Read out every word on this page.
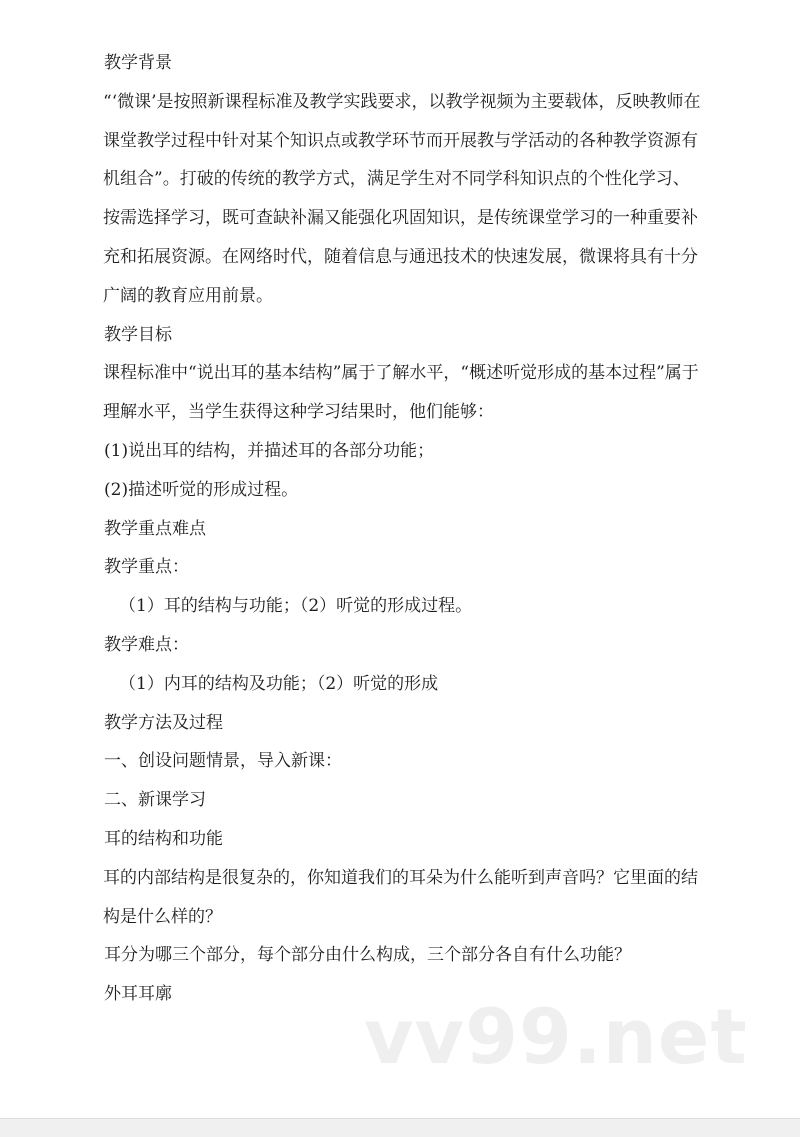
教学背景

“‘微课’是按照新课程标准及教学实践要求，以教学视频为主要载体，反映教师在课堂教学过程中针对某个知识点或教学环节而开展教与学活动的各种教学资源有机组合”。打破的传统的教学方式，满足学生对不同学科知识点的个性化学习、按需选择学习，既可查缺补漏又能强化巩固知识，是传统课堂学习的一种重要补充和拓展资源。在网络时代，随着信息与通迅技术的快速发展，微课将具有十分广阔的教育应用前景。

教学目标

课程标准中“说出耳的基本结构”属于了解水平，“概述听觉形成的基本过程”属于理解水平，当学生获得这种学习结果时，他们能够：

(1)说出耳的结构，并描述耳的各部分功能；

(2)描述听觉的形成过程。

教学重点难点

教学重点：

（1）耳的结构与功能；（2）听觉的形成过程。

教学难点：

（1）内耳的结构及功能；（2）听觉的形成

教学方法及过程

一、创设问题情景，导入新课：

二、新课学习

耳的结构和功能

耳的内部结构是很复杂的，你知道我们的耳朵为什么能听到声音吗？它里面的结构是什么样的？

耳分为哪三个部分，每个部分由什么构成，三个部分各自有什么功能？

外耳耳廓	vv99.net
